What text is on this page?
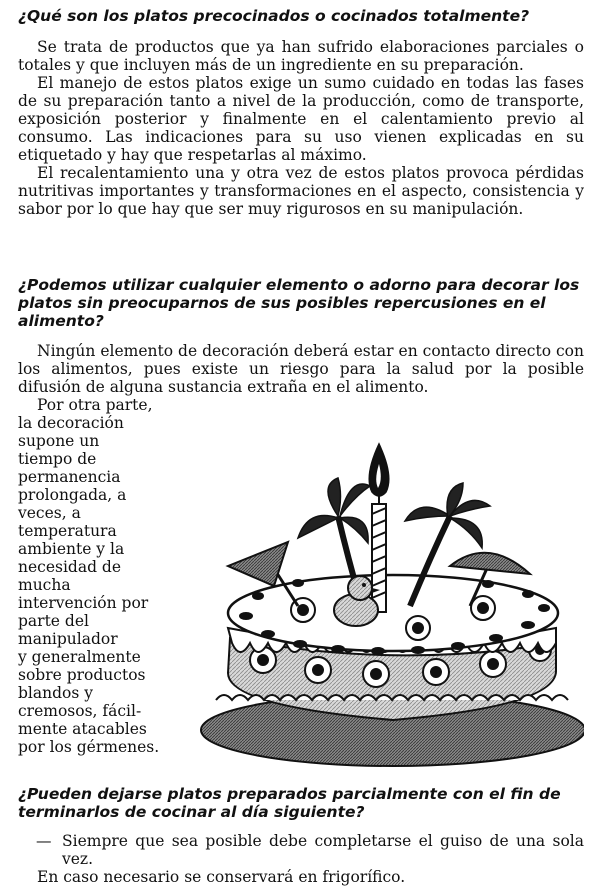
¿Qué son los platos precocinados o cocinados totalmente?

Se trata de productos que ya han sufrido elaboraciones parciales o totales y que incluyen más de un ingrediente en su preparación.

El manejo de estos platos exige un sumo cuidado en todas las fases de su preparación tanto a nivel de la producción, como de transporte, exposición posterior y finalmente en el calentamiento previo al consumo. Las indicaciones para su uso vienen explicadas en su etiquetado y hay que respetarlas al máximo.

El recalentamiento una y otra vez de estos platos provoca pérdidas nutritivas importantes y transformaciones en el aspecto, consistencia y sabor por lo que hay que ser muy rigurosos en su manipulación.

¿Podemos utilizar cualquier elemento o adorno para decorar los platos sin preocuparnos de sus posibles repercusiones en el alimento?

Ningún elemento de decoración deberá estar en contacto directo con los alimentos, pues existe un riesgo para la salud por la posible difusión de alguna sustancia extraña en el alimento.

Por otra parte,
la decoración
supone un
tiempo de
permanencia
prolongada, a
veces, a
temperatura
ambiente y la
necesidad de
mucha
intervención por
parte del
manipulador
y generalmente
sobre productos
blandos y
cremosos, fácil-
mente atacables
por los gérmenes.
¿Pueden dejarse platos preparados parcialmente con el fin de terminarlos de cocinar al día siguiente?

— Siempre que sea posible debe completarse el guiso de una sola vez.

En caso necesario se conservará en frigorífico.
